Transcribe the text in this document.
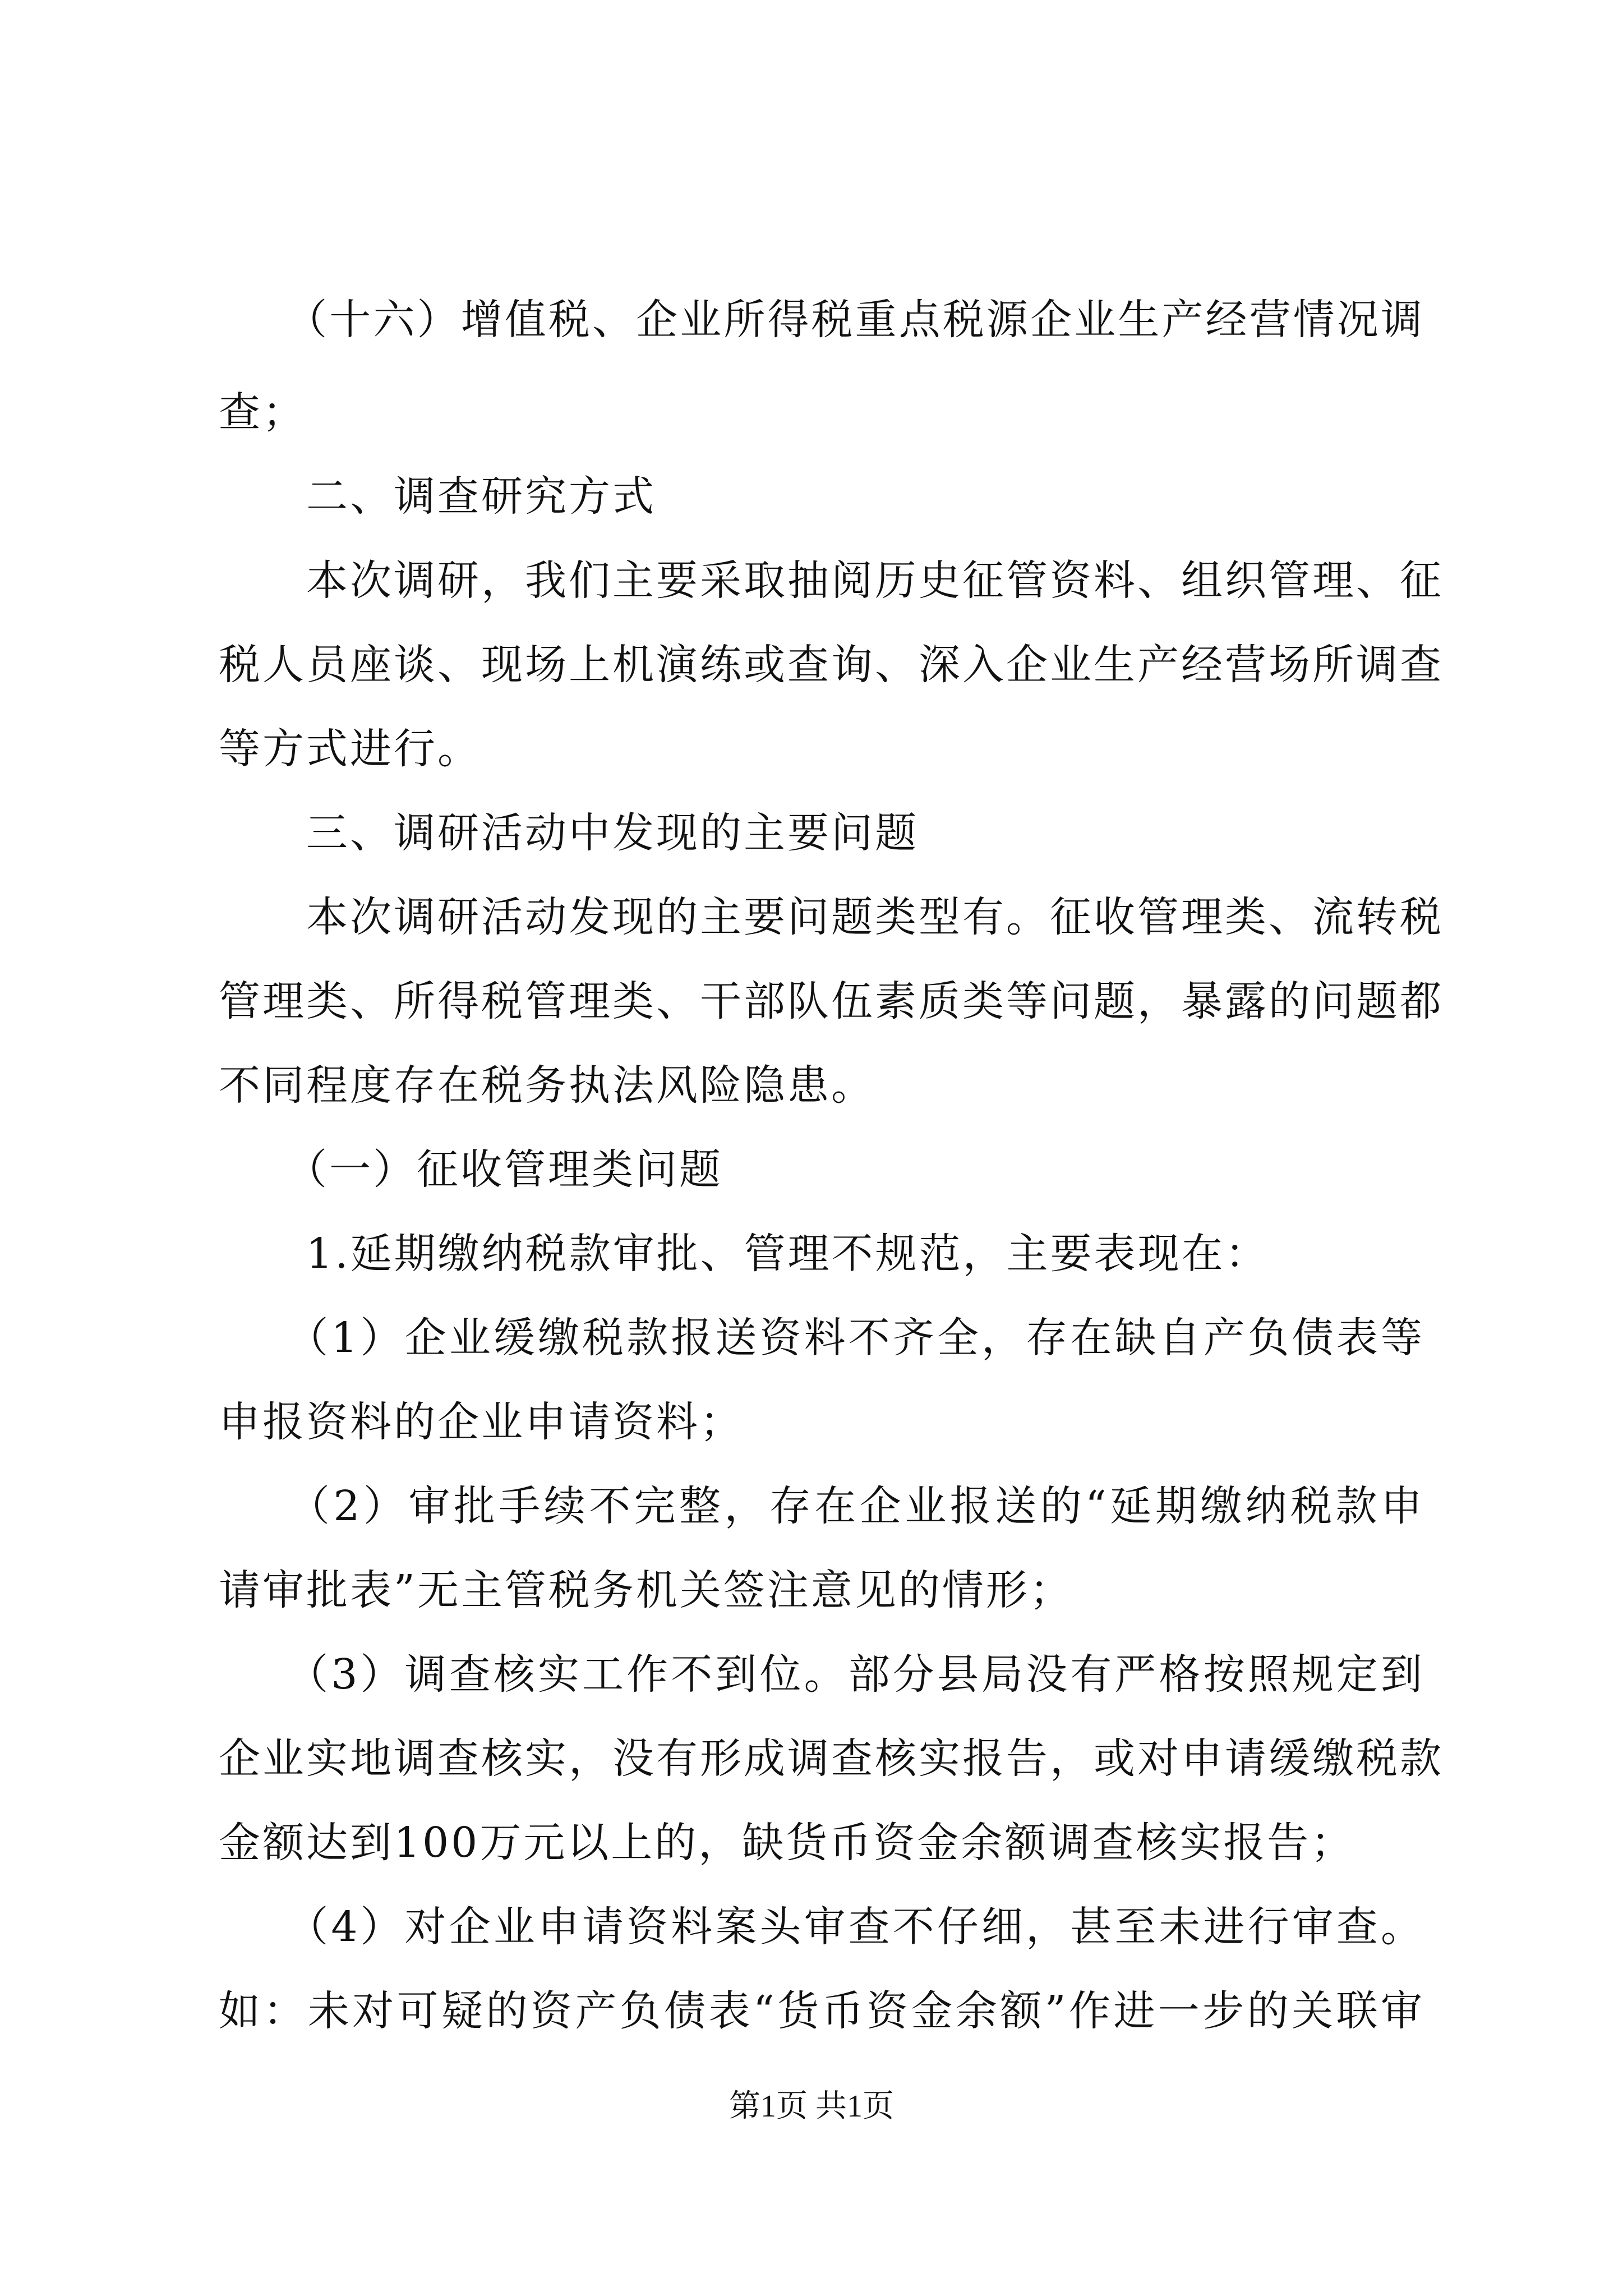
　　（十六）增值税、企业所得税重点税源企业生产经营情况调
查；
　　二、调查研究方式
　　本次调研，我们主要采取抽阅历史征管资料、组织管理、征
税人员座谈、现场上机演练或查询、深入企业生产经营场所调查
等方式进行。
　　三、调研活动中发现的主要问题
　　本次调研活动发现的主要问题类型有。征收管理类、流转税
管理类、所得税管理类、干部队伍素质类等问题，暴露的问题都
不同程度存在税务执法风险隐患。
　　（一）征收管理类问题
　　1.延期缴纳税款审批、管理不规范，主要表现在：
　　（1）企业缓缴税款报送资料不齐全，存在缺自产负债表等
申报资料的企业申请资料；
　　（2）审批手续不完整，存在企业报送的“延期缴纳税款申
请审批表”无主管税务机关签注意见的情形；
　　（3）调查核实工作不到位。部分县局没有严格按照规定到
企业实地调查核实，没有形成调查核实报告，或对申请缓缴税款
金额达到100万元以上的，缺货币资金余额调查核实报告；
　　（4）对企业申请资料案头审查不仔细，甚至未进行审查。
如：未对可疑的资产负债表“货币资金余额”作进一步的关联审
第1页 共1页
